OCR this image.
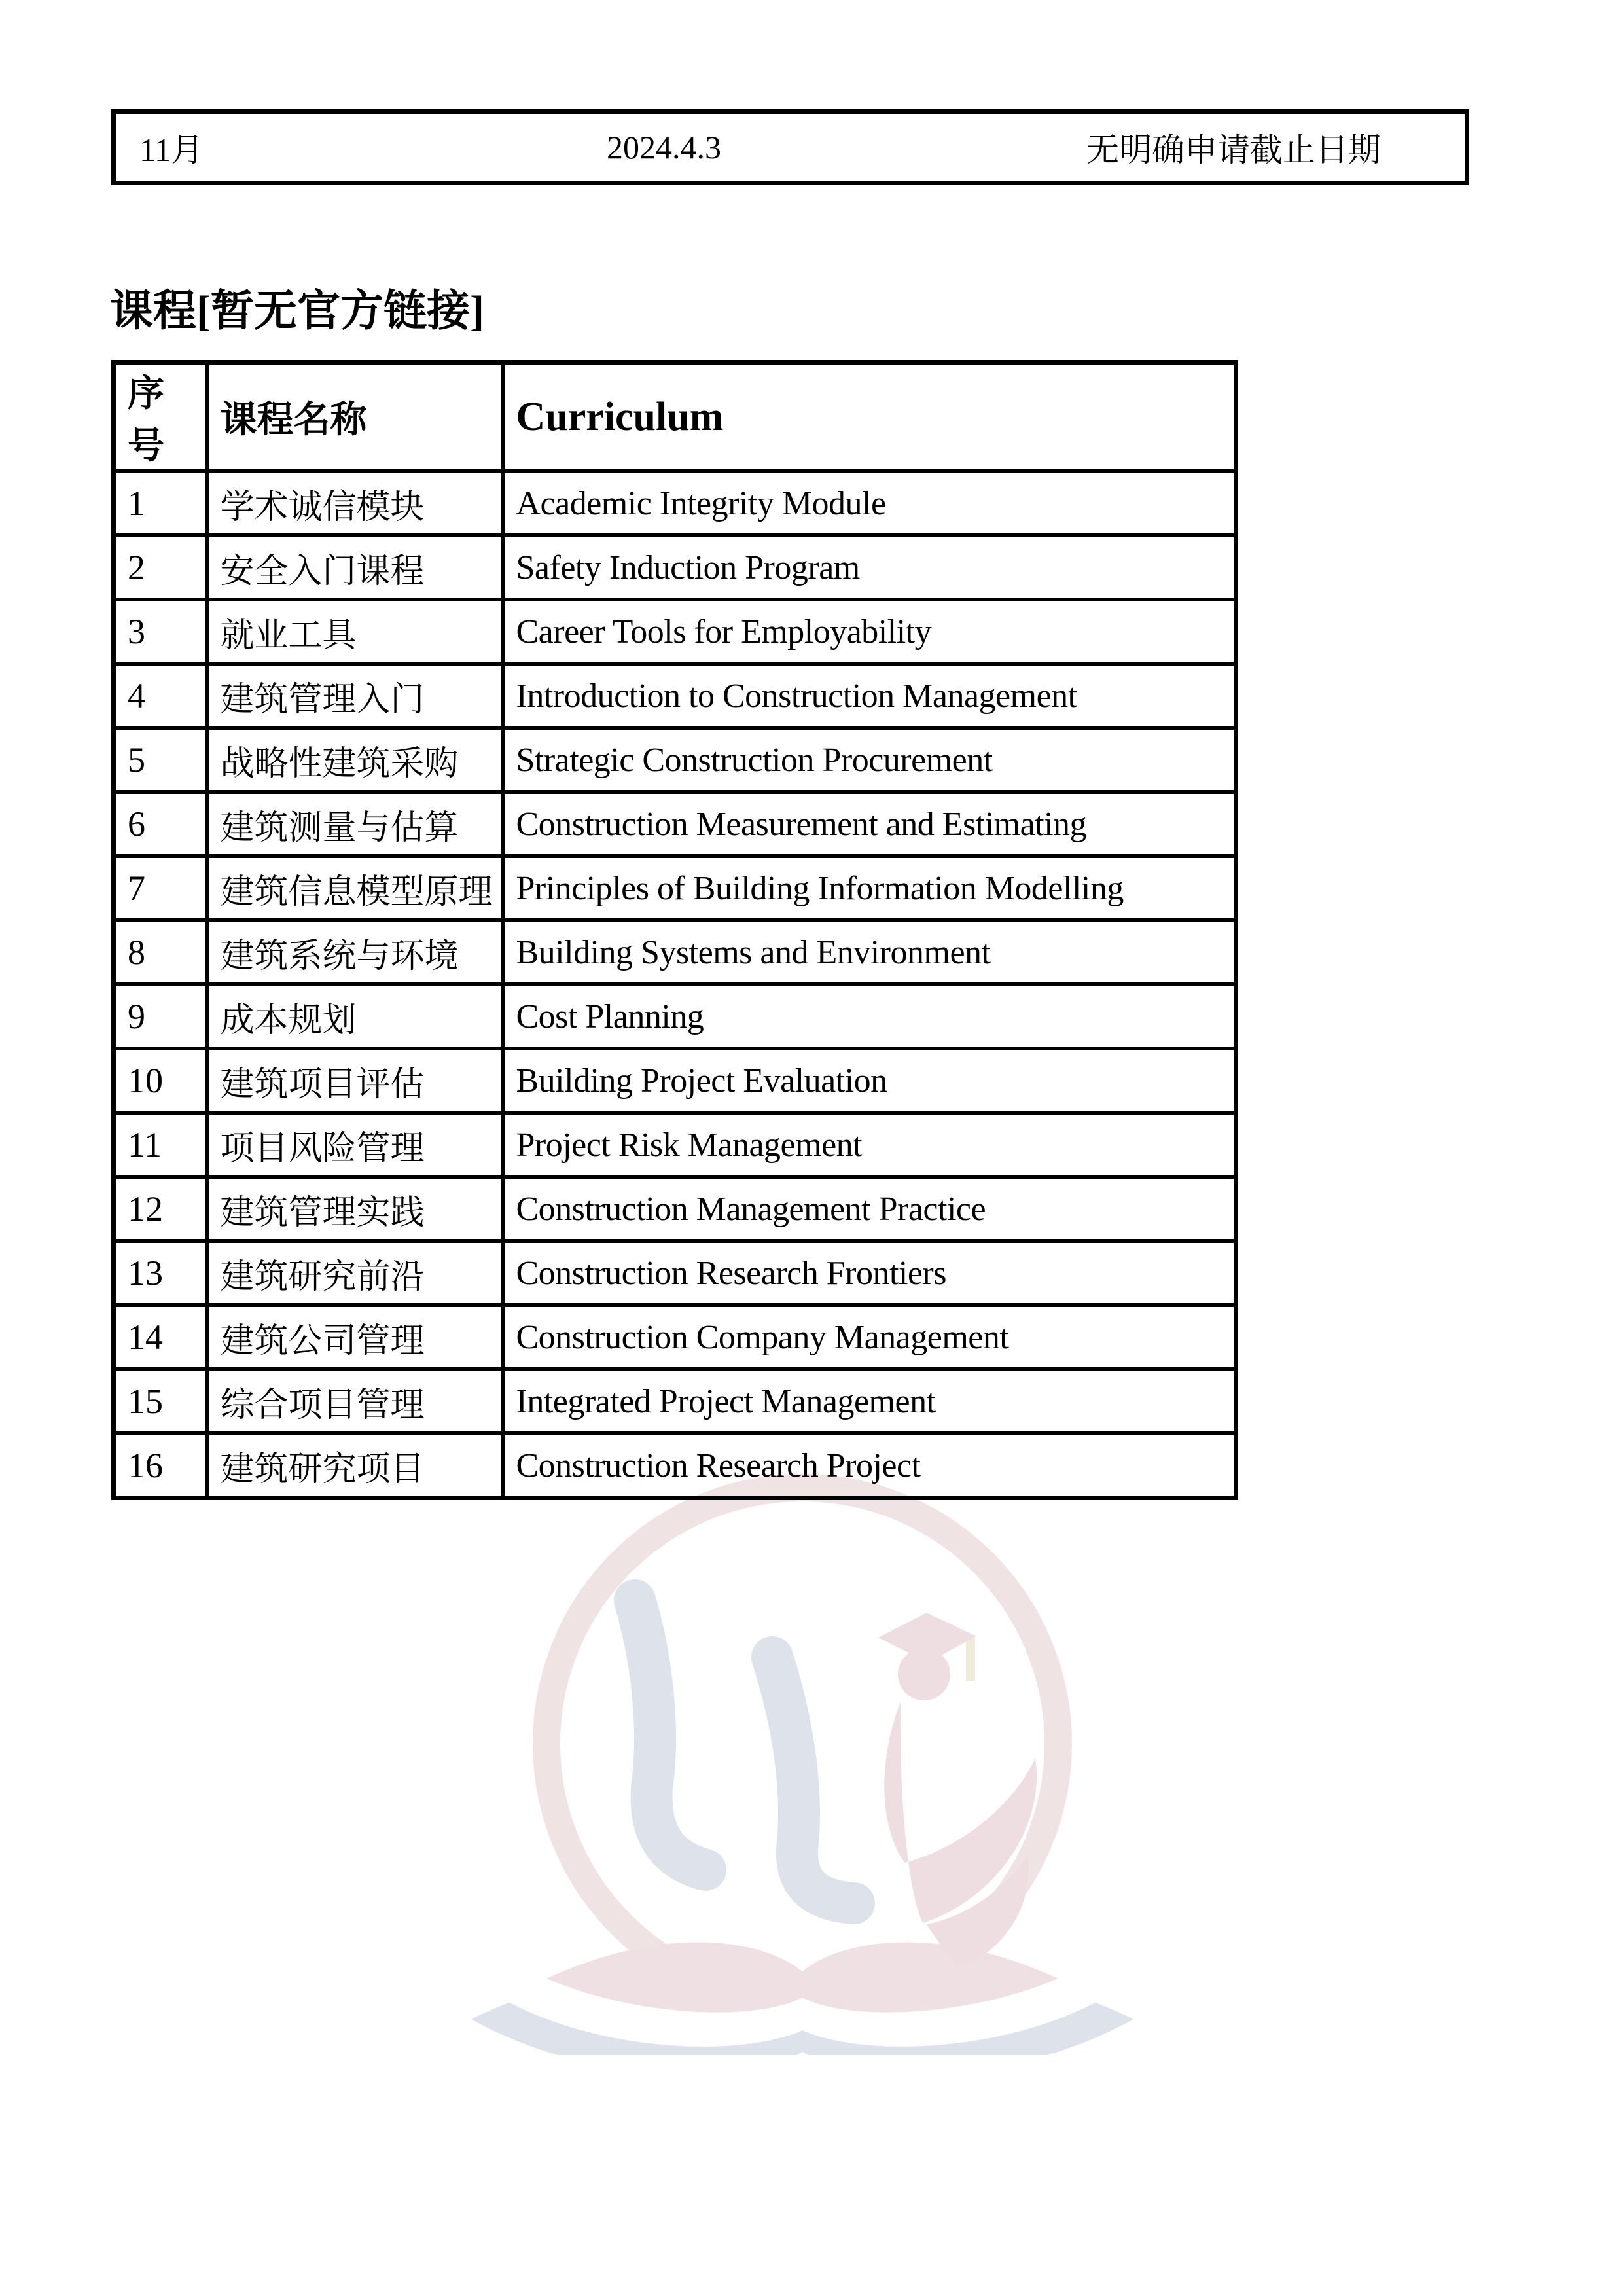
11月	2024.4.3	无明确申请截止日期
课程[暂无官方链接]
序号	课程名称	Curriculum
1	学术诚信模块	Academic Integrity Module
2	安全入门课程	Safety Induction Program
3	就业工具	Career Tools for Employability
4	建筑管理入门	Introduction to Construction Management
5	战略性建筑采购	Strategic Construction Procurement
6	建筑测量与估算	Construction Measurement and Estimating
7	建筑信息模型原理	Principles of Building Information Modelling
8	建筑系统与环境	Building Systems and Environment
9	成本规划	Cost Planning
10	建筑项目评估	Building Project Evaluation
11	项目风险管理	Project Risk Management
12	建筑管理实践	Construction Management Practice
13	建筑研究前沿	Construction Research Frontiers
14	建筑公司管理	Construction Company Management
15	综合项目管理	Integrated Project Management
16	建筑研究项目	Construction Research Project
